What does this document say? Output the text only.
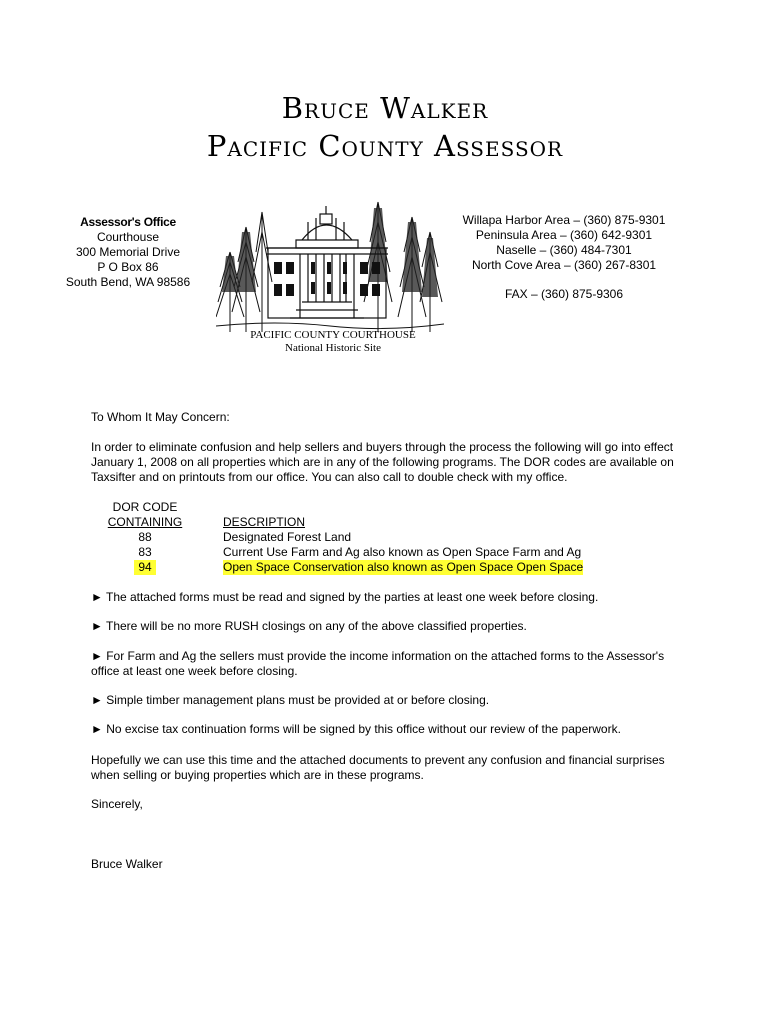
Bruce Walker
Pacific County Assessor
Assessor's Office
Courthouse
300 Memorial Drive
P O Box 86
South Bend, WA 98586
PACIFIC COUNTY COURTHOUSE
National Historic Site
Willapa Harbor Area – (360) 875-9301
Peninsula Area – (360) 642-9301
Naselle – (360) 484-7301
North Cove Area – (360) 267-8301
FAX – (360) 875-9306
To Whom It May Concern:
In order to eliminate confusion and help sellers and buyers through the process the following will go into effect January 1, 2008 on all properties which are in any of the following programs. The DOR codes are available on Taxsifter and on printouts from our office. You can also call to double check with my office.
DOR CODE
CONTAINING	DESCRIPTION
88	Designated Forest Land
83	Current Use Farm and Ag also known as Open Space Farm and Ag
94	Open Space Conservation also known as Open Space Open Space
► The attached forms must be read and signed by the parties at least one week before closing.
► There will be no more RUSH closings on any of the above classified properties.
► For Farm and Ag the sellers must provide the income information on the attached forms to the Assessor's office at least one week before closing.
► Simple timber management plans must be provided at or before closing.
► No excise tax continuation forms will be signed by this office without our review of the paperwork.
Hopefully we can use this time and the attached documents to prevent any confusion and financial surprises when selling or buying properties which are in these programs.
Sincerely,
Bruce Walker
